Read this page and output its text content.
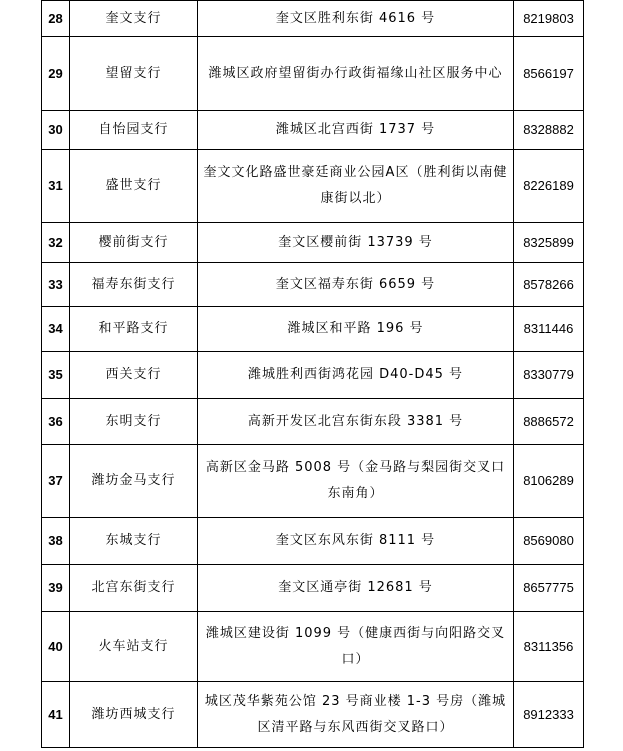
28	奎文支行	奎文区胜利东街 4616 号	8219803
29	望留支行	潍城区政府望留街办行政街福缘山社区服务中心	8566197
30	自怡园支行	潍城区北宫西街 1737 号	8328882
31	盛世支行	奎文文化路盛世豪廷商业公园A区（胜利街以南健康街以北）	8226189
32	樱前街支行	奎文区樱前街 13739 号	8325899
33	福寿东街支行	奎文区福寿东街 6659 号	8578266
34	和平路支行	潍城区和平路 196 号	8311446
35	西关支行	潍城胜利西街鸿花园 D40-D45 号	8330779
36	东明支行	高新开发区北宫东街东段 3381 号	8886572
37	潍坊金马支行	高新区金马路 5008 号（金马路与梨园街交叉口东南角）	8106289
38	东城支行	奎文区东风东街 8111 号	8569080
39	北宫东街支行	奎文区通亭街 12681 号	8657775
40	火车站支行	潍城区建设街 1099 号（健康西街与向阳路交叉口）	8311356
41	潍坊西城支行	城区茂华紫苑公馆 23 号商业楼 1-3 号房（潍城区清平路与东风西街交叉路口）	8912333
